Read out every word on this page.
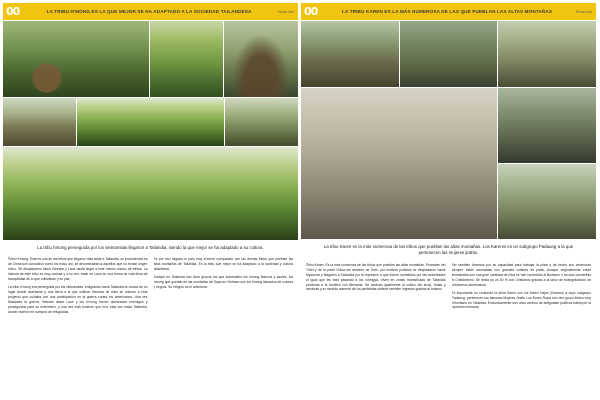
00	LA TRIBU H'MONG ES LA QUE MEJOR SE HA ADAPTADO A LA SOCIEDAD TAILANDESA	Etnias Mar
La tribu hmong perseguida por los vietnamitas llegaron a Tailandia, siendo la que mejor se ha adaptado a su cultura.

Tribu H'mong: Esta es una de las tribus que llegaron más tarde a Tailandia, su procedencia es de China son conocidos como los miao, así, se denominaban a aquellos que no tenían origen chino. Se desplazaron hacia Vietnam y Laos hasta llegar a este mismo núcleo de etnias. La historia de este tribu es muy curiosa y a su vez, estar en Laos en una forma de vida llena de tranquilidad de lo que cultivaban y en paz.

La tribu h'mong era perseguida por los vietnamitas, emigrando hacia Tailandia en busca de un lugar donde asentarse y una tierra a la que cultivar. Muchos de ellos se unieron a este proyecto que cuidaba con una participación en la guerra contra los americanos. Una vez finalizada la guerra, Vietnam atacó Laos y los h'mong fueron declarados enemigos y perseguidos para su exterminio, y una vez más tuvieron que huir, esta vez hacia Tailandia, donde vivieron en campos de refugiados.

Es por eso llegada el país muy enorme comparado con las demás tribus que pueblan las altas montañas de Tailandia. Es la tribu que mejor se ha adaptado a la sociedad y cultura tailandesa.

Aunque en Tailandia son ricos grupos los que sobresalen los hmong blancos y azules, los hmong que quedan en las montañas de Sapa en Vietnam son los hmong llamados de colores y negros. Su religión es el animismo.

00	LA TRIBU KAREN ES LA MÁS NUMEROSA DE LAS QUE PUEBLAN LAS ALTAS MONTAÑAS	Etnias Mar
La tribu Karen es la más numerosa de las tribus que pueblan las altas montañas. Los Karenni es un subgrupo Padaung a la que pertenecen las mujeres jirafas.

Tribu Karen: Es la más numerosa de las tribus que pueblan las altas montañas. Proceden del Tíbet y de la parte China del desierto de Gobi, por motivos políticos se desplazaron hacia Myanmar y Nagaren a Tailandia por la represión a que fueron sometidos por las autoridades al igual que les está pasando a los rohingya. Viven en zonas montañosas de Tailandia próximas a la frontera con Birmania. Se dedican igualmente al cultivo del arroz, frutas y verduras y su sentido numeral de los pesticidas obtiene también ingresos gracias al turismo.

Ser también famosos por su capacidad para trabajar la plata y de hecho sus cerámicas siempre están adornadas con grandes collares de plata. Aunque originalmente estas ancestrales son una gran cantidad de ellos se han convertido al Budismo o ha sido convertido al Cristianismo. Se limita ya un 30 % con Cristianos gracias a la labor de evangelización de misioneros americanos.

Es importante no confundir la etnia Karen con los Karen Nejos (Karenni) a cuyo subgrupo Padaung, pertenecen las famosas Mujeres Jirafa. Los Karen Rojos son otro grupo étnico muy minoritario en Tailandia. Exclusivamente son unos centros de antiguatas políticos habla por la represión birmana.
